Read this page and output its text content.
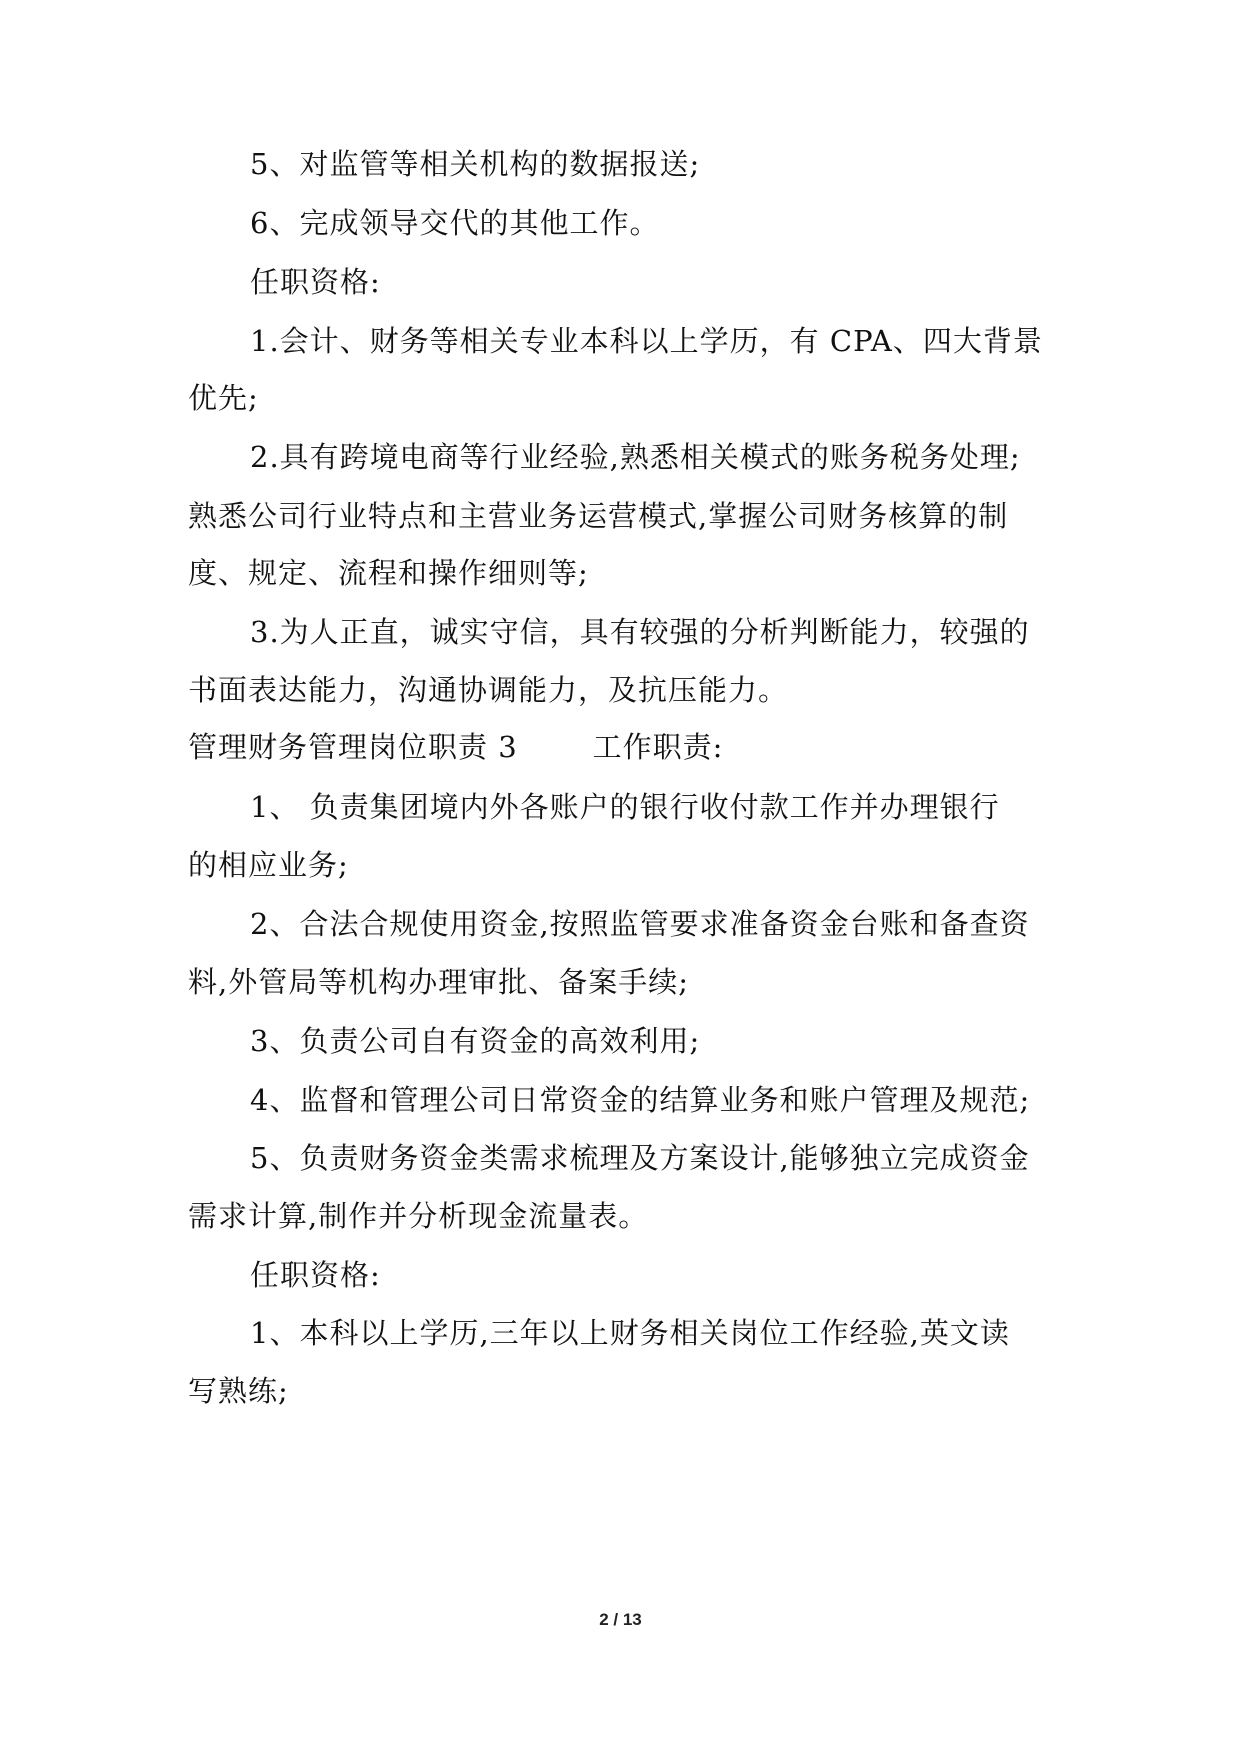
5、对监管等相关机构的数据报送;
6、完成领导交代的其他工作。
任职资格:
1.会计、财务等相关专业本科以上学历，有 CPA、四大背景
优先;
2.具有跨境电商等行业经验,熟悉相关模式的账务税务处理;
熟悉公司行业特点和主营业务运营模式,掌握公司财务核算的制
度、规定、流程和操作细则等;
3.为人正直，诚实守信，具有较强的分析判断能力，较强的
书面表达能力，沟通协调能力，及抗压能力。
管理财务管理岗位职责 3	工作职责:
1、 负责集团境内外各账户的银行收付款工作并办理银行
的相应业务;
2、合法合规使用资金,按照监管要求准备资金台账和备查资
料,外管局等机构办理审批、备案手续;
3、负责公司自有资金的高效利用;
4、监督和管理公司日常资金的结算业务和账户管理及规范;
5、负责财务资金类需求梳理及方案设计,能够独立完成资金
需求计算,制作并分析现金流量表。
任职资格:
1、本科以上学历,三年以上财务相关岗位工作经验,英文读
写熟练;
2 / 13
